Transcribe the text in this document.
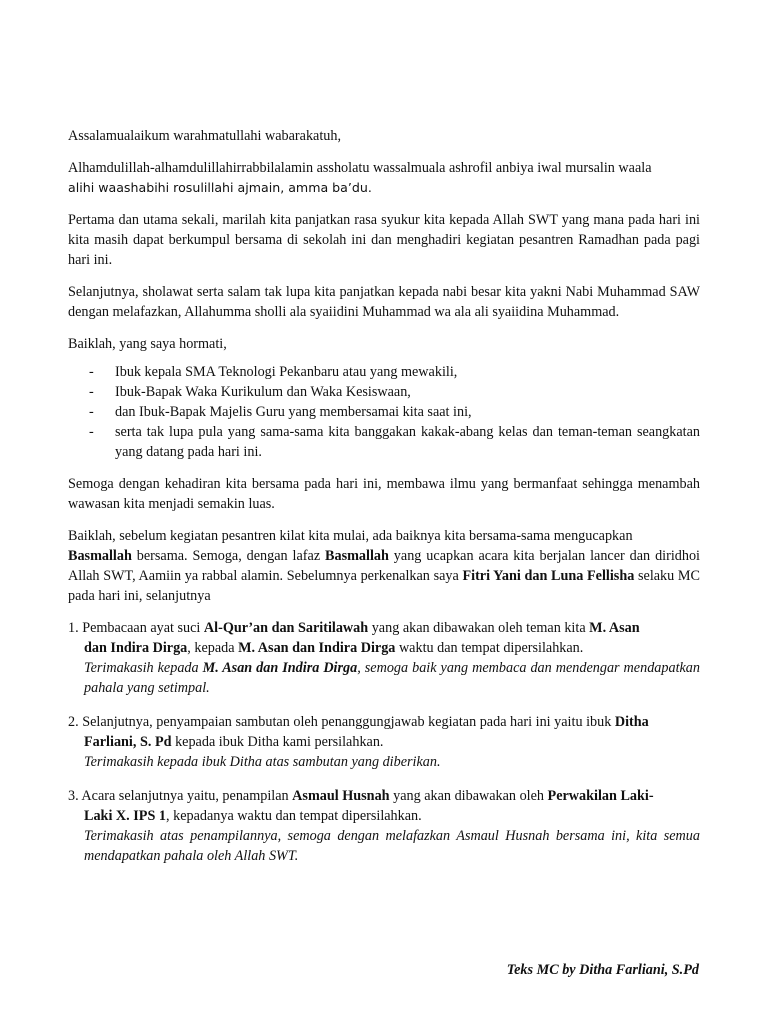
Assalamualaikum warahmatullahi wabarakatuh,

Alhamdulillah-alhamdulillahirrabbilalamin assholatu wassalmuala ashrofil anbiya iwal mursalin waala
alihi waashabihi rosulillahi ajmain, amma ba’du.

Pertama dan utama sekali, marilah kita panjatkan rasa syukur kita kepada Allah SWT yang mana pada hari ini kita masih dapat berkumpul bersama di sekolah ini dan menghadiri kegiatan pesantren Ramadhan pada pagi hari ini.

Selanjutnya, sholawat serta salam tak lupa kita panjatkan kepada nabi besar kita yakni Nabi Muhammad SAW dengan melafazkan, Allahumma sholli ala syaiidini Muhammad wa ala ali syaiidina Muhammad.

Baiklah, yang saya hormati,

- Ibuk kepala SMA Teknologi Pekanbaru atau yang mewakili,
- Ibuk-Bapak Waka Kurikulum dan Waka Kesiswaan,
- dan Ibuk-Bapak Majelis Guru yang membersamai kita saat ini,
- serta tak lupa pula yang sama-sama kita banggakan kakak-abang kelas dan teman-teman seangkatan yang datang pada hari ini.

Semoga dengan kehadiran kita bersama pada hari ini, membawa ilmu yang bermanfaat sehingga menambah wawasan kita menjadi semakin luas.

Baiklah, sebelum kegiatan pesantren kilat kita mulai, ada baiknya kita bersama-sama mengucapkan
Basmallah bersama. Semoga, dengan lafaz Basmallah yang ucapkan acara kita berjalan lancer dan diridhoi Allah SWT, Aamiin ya rabbal alamin. Sebelumnya perkenalkan saya Fitri Yani dan Luna Fellisha selaku MC pada hari ini, selanjutnya

1. Pembacaan ayat suci Al-Qur’an dan Saritilawah yang akan dibawakan oleh teman kita M. Asan
dan Indira Dirga, kepada M. Asan dan Indira Dirga waktu dan tempat dipersilahkan.
Terimakasih kepada M. Asan dan Indira Dirga, semoga baik yang membaca dan mendengar mendapatkan pahala yang setimpal.
2. Selanjutnya, penyampaian sambutan oleh penanggungjawab kegiatan pada hari ini yaitu ibuk Ditha
Farliani, S. Pd kepada ibuk Ditha kami persilahkan.
Terimakasih kepada ibuk Ditha atas sambutan yang diberikan.
3. Acara selanjutnya yaitu, penampilan Asmaul Husnah yang akan dibawakan oleh Perwakilan Laki-
Laki X. IPS 1, kepadanya waktu dan tempat dipersilahkan.
Terimakasih atas penampilannya, semoga dengan melafazkan Asmaul Husnah bersama ini, kita semua mendapatkan pahala oleh Allah SWT.
Teks MC by Ditha Farliani, S.Pd
